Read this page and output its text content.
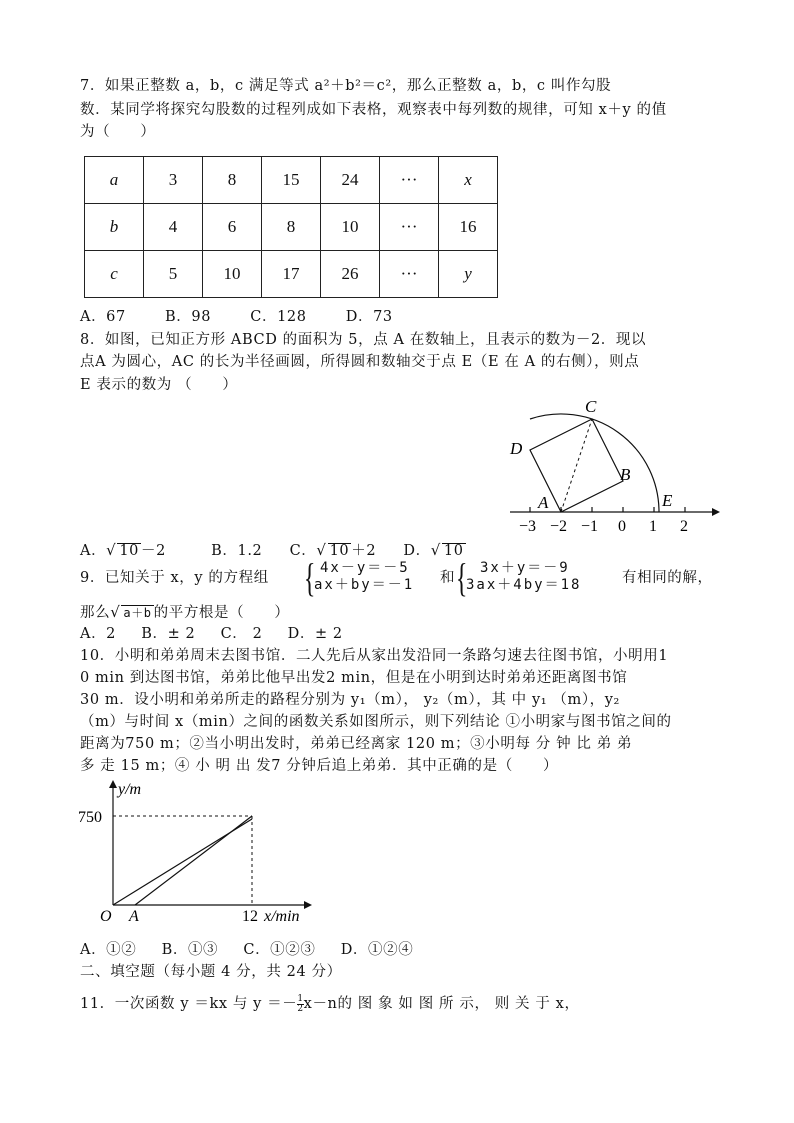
7．如果正整数 a，b，c 满足等式 a²＋b²＝c²，那么正整数 a，b，c 叫作勾股
数．某同学将探究勾股数的过程列成如下表格，观察表中每列数的规律，可知 x＋y 的值
为（　　）
a	3	8	15	24	···	x
b	4	6	8	10	···	16
c	5	10	17	26	···	y
A．67	B．98	C．128	D．73
8．如图，已知正方形 ABCD 的面积为 5，点 A 在数轴上，且表示的数为－2．现以
点A 为圆心，AC 的长为半径画圆，所得圆和数轴交于点 E（E 在 A 的右侧），则点
E 表示的数为 （　　）
C
D
B
A	E
−3 −2 −1 0 1 2
A．√ 10 －2	B．1.2 C．√ 10 ＋2 D．√ 10
9．已知关于 x，y 的方程组 { 4x－y＝－5
ax＋by＝－1 和 { 3x＋y＝－9
3ax＋4by＝18	有相同的解，
那么√ a＋b 的平方根是（　　）
A．2 B．± 2 C． 2 D．± 2
10．小明和弟弟周末去图书馆．二人先后从家出发沿同一条路匀速去往图书馆，小明用1
0 min 到达图书馆，弟弟比他早出发2 min，但是在小明到达时弟弟还距离图书馆
30 m．设小明和弟弟所走的路程分别为 y₁（m）， y₂（m），其 中 y₁ （m），y₂
（m）与时间 x（min）之间的函数关系如图所示，则下列结论 ①小明家与图书馆之间的
距离为750 m；②当小明出发时，弟弟已经离家 120 m；③小明每 分 钟 比 弟 弟
多 走 15 m；④ 小 明 出 发7 分钟后追上弟弟．其中正确的是（　　）
y/m
750
O A	12 x/min
A．①② B．①③ C．①②③ D．①②④
二、填空题（每小题 4 分，共 24 分）
11．一次函数 y ＝kx 与 $y =- \frac{1}{2} x-n$的 图 象 如 图 所 示， 则 关 于 x，
